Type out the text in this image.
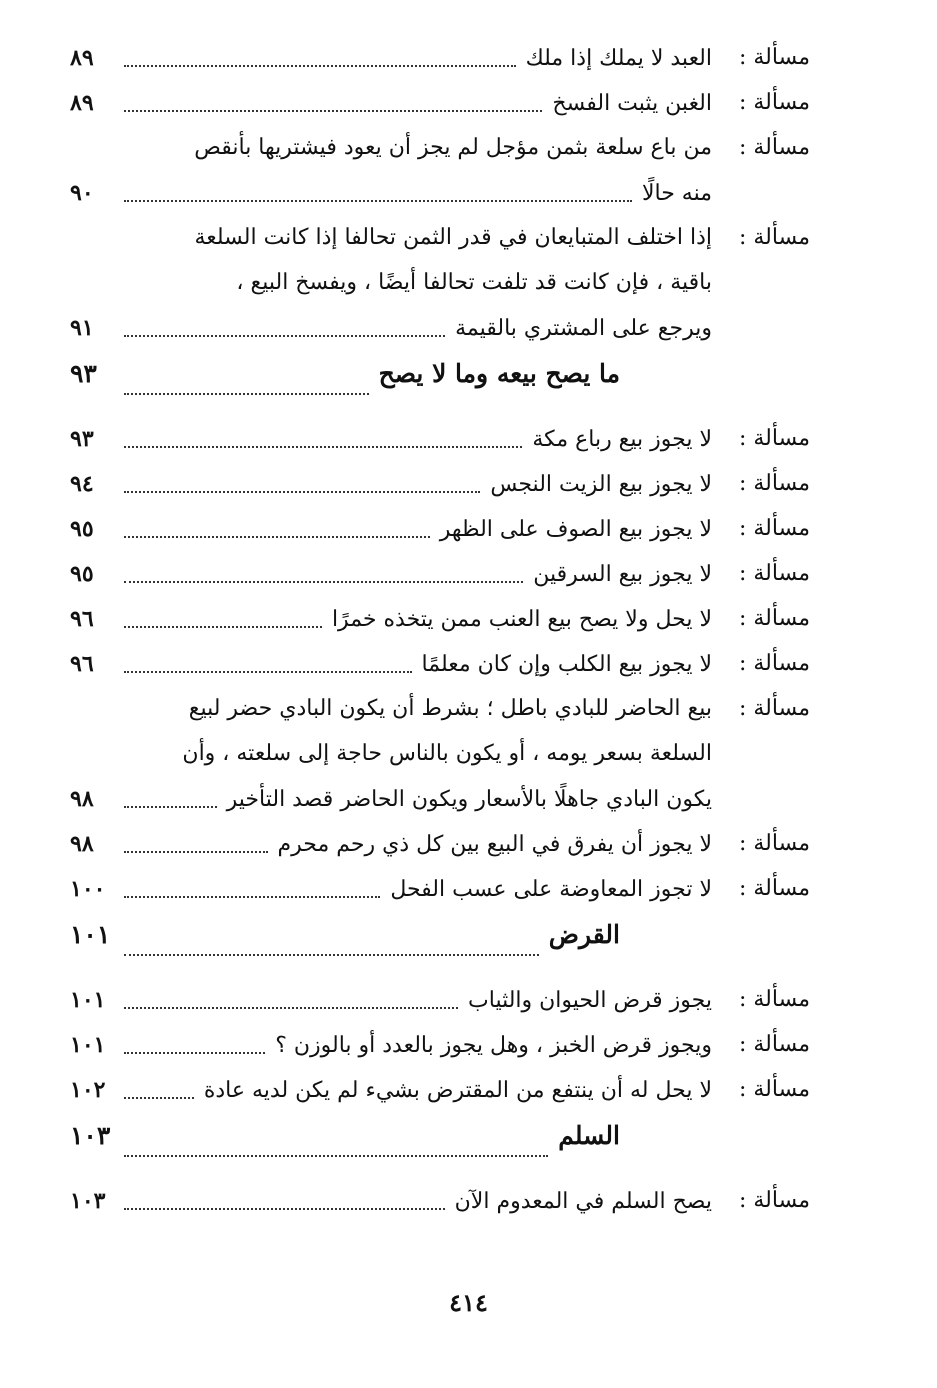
مسألة :
العبد لا يملك إذا ملك
٨٩
مسألة :
الغبن يثبت الفسخ
٨٩
مسألة :
من باع سلعة بثمن مؤجل لم يجز أن يعود فيشتريها بأنقص
منه حالًا
٩٠
مسألة :
إذا اختلف المتبايعان في قدر الثمن تحالفا إذا كانت السلعة
باقية ، فإن كانت قد تلفت تحالفا أيضًا ، ويفسخ البيع ،
ويرجع على المشتري بالقيمة
٩١
ما يصح بيعه وما لا يصح
٩٣
مسألة :
لا يجوز بيع رباع مكة
٩٣
مسألة :
لا يجوز بيع الزيت النجس
٩٤
مسألة :
لا يجوز بيع الصوف على الظهر
٩٥
مسألة :
لا يجوز بيع السرقين
٩٥
مسألة :
لا يحل ولا يصح بيع العنب ممن يتخذه خمرًا
٩٦
مسألة :
لا يجوز بيع الكلب وإن كان معلمًا
٩٦
مسألة :
بيع الحاضر للبادي باطل ؛ بشرط أن يكون البادي حضر لبيع
السلعة بسعر يومه ، أو يكون بالناس حاجة إلى سلعته ، وأن
يكون البادي جاهلًا بالأسعار ويكون الحاضر قصد التأخير
٩٨
مسألة :
لا يجوز أن يفرق في البيع بين كل ذي رحم محرم
٩٨
مسألة :
لا تجوز المعاوضة على عسب الفحل
١٠٠
القرض
١٠١
مسألة :
يجوز قرض الحيوان والثياب
١٠١
مسألة :
ويجوز قرض الخبز ، وهل يجوز بالعدد أو بالوزن ؟
١٠١
مسألة :
لا يحل له أن ينتفع من المقترض بشيء لم يكن لديه عادة
١٠٢
السلم
١٠٣
مسألة :
يصح السلم في المعدوم الآن
١٠٣
٤١٤
